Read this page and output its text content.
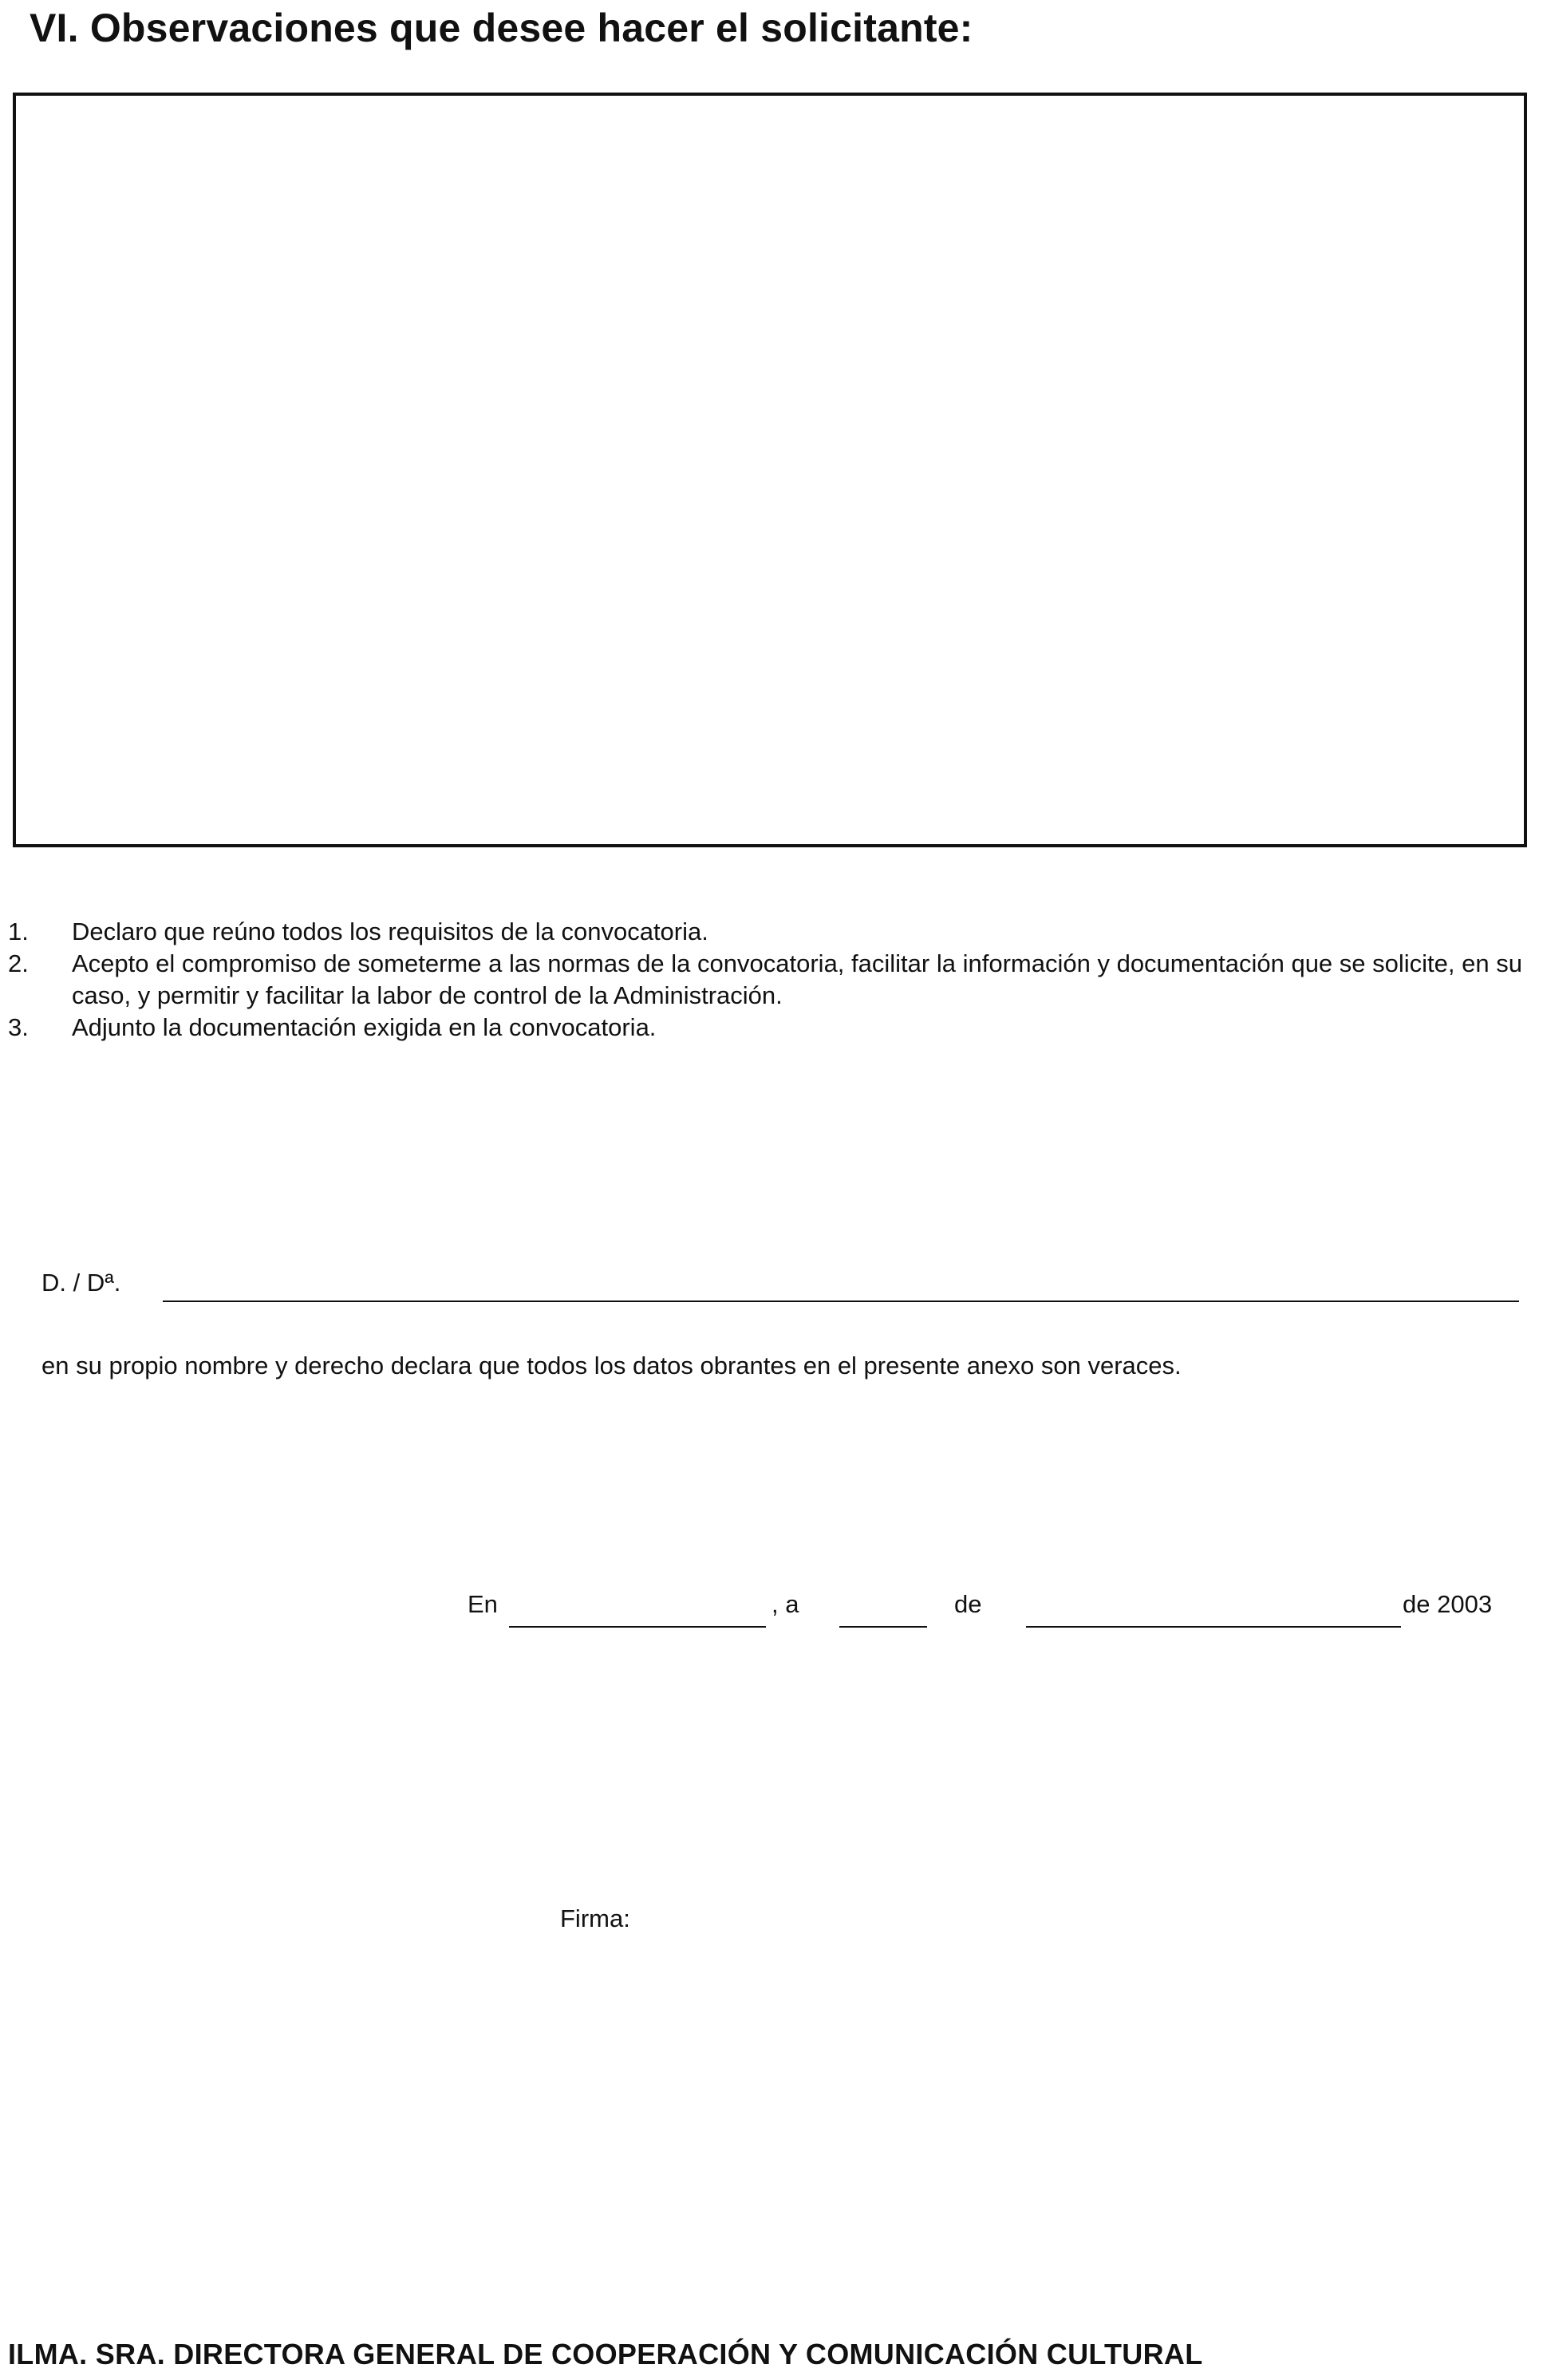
VI. Observaciones que desee hacer el solicitante:
1.	Declaro que reúno todos los requisitos de la convocatoria.
2.	Acepto el compromiso de someterme a las normas de la convocatoria, facilitar la información y documentación que se solicite, en su caso, y permitir y facilitar la labor de control de la Administración.
3.	Adjunto la documentación exigida en la convocatoria.
D. / Dª.
en su propio nombre y derecho declara que todos los datos obrantes en el presente anexo son veraces.
En	, a	de	de 2003
Firma:
ILMA. SRA. DIRECTORA GENERAL DE COOPERACIÓN Y COMUNICACIÓN CULTURAL
